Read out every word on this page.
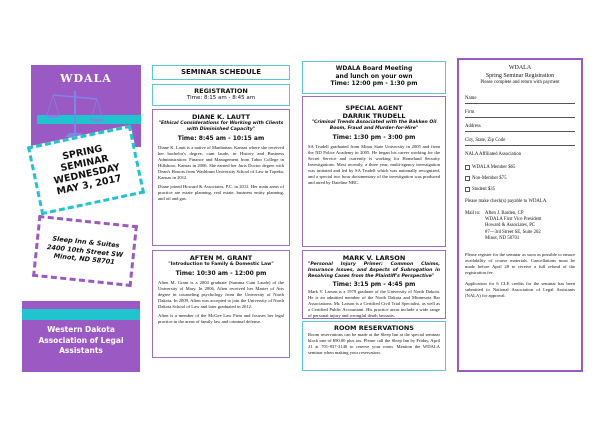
WDALA
SPRING
SEMINAR
WEDNESDAY
MAY 3, 2017
Sleep Inn & Suites
2400 10th Street SW
Minot, ND 58701
Western Dakota
Association of Legal
Assistants
SEMINAR SCHEDULE
REGISTRATION
Time: 8:15 am - 8:45 am
DIANE K. LAUTT
"Ethical Considerations for Working with Clients with Diminished Capacity"
Time: 8:45 am - 10:15 am
Diane K. Lautt is a native of Manhattan, Kansas where she received her bachelor's degree, cum laude, in History and Business Administration: Finance and Management from Tabor College in Hillsboro, Kansas in 2006. She earned her Juris Doctor degree with Dean's Honors from Washburn University School of Law in Topeka, Kansas in 2012.
Diane joined Howard & Associates, P.C. in 2012. Her main areas of practice are estate planning, real estate, business entity planning, and oil and gas.
AFTEN M. GRANT
"Introduction to Family & Domestic Law"
Time: 10:30 am - 12:00 pm
Aften M. Grant is a 2004 graduate (Summa Cum Laude) of the University of Mary. In 2006, Aften received her Master of Arts degree in counseling psychology from the University of North Dakota. In 2009, Aften was accepted to join the University of North Dakota School of Law and later graduated in 2012.
Aften is a member of the McGee Law Firm and focuses her legal practice in the areas of family law and criminal defense.
WDALA Board Meeting
and lunch on your own
Time: 12:00 pm - 1:30 pm
SPECIAL AGENT
DARRIK TRUDELL
"Criminal Trends Associated with the Bakken Oil Boom, Fraud and Murder-for-Hire"
Time: 1:30 pm - 3:00 pm
SA Trudell graduated from Minot State University in 2005 and from the ND Police Academy in 2005. He began his career working for the Secret Service and currently is working for Homeland Security Investigations. Most recently, a three year, multi-agency investigation was initiated and led by SA Trudell which was nationally recognized, and a special two hour documentary of the investigation was produced and aired by Dateline NBC.
MARK V. LARSON
"Personal Injury Primer: Common Claims, Insurance Issues, and Aspects of Subrogation in Resolving Cases from the Plaintiff's Perspective"
Time: 3:15 pm - 4:45 pm
Mark V. Larson is a 1979 graduate of the University of North Dakota. He is an admitted member of the North Dakota and Minnesota Bar Associations. Mr. Larson is a Certified Civil Trial Specialist, as well as a Certified Public Accountant. His practice areas include a wide range of personal injury and wrongful death lawsuits.
ROOM RESERVATIONS
Room reservations can be made at the Sleep Inn at the special seminar block rate of $90.00 plus tax. Please call the Sleep Inn by Friday, April 21 at 701-837-3140 to reserve your room. Mention the WDALA seminar when making your reservation.
WDALA
Spring Seminar Registration
Please complete and return with payment
Name
Firm
Address
City, State, Zip Code
NALA Affiliated Association
WDALA Member $65
Non-Member $75
Student $35
Please make check(s) payable to WDALA
Mail to: Aften J. Barden, CP
WDALA First Vice President
Howard & Associates, PC
#7—3rd Street SE, Suite 202
Minot, ND 58701
Please register for the seminar as soon as possible to ensure availability of course materials. Cancellations must be made before April 28 to receive a full refund of the registration fee.
Application for 6 CLE credits for the seminar has been submitted to National Association of Legal Assistants (NALA) for approval.
